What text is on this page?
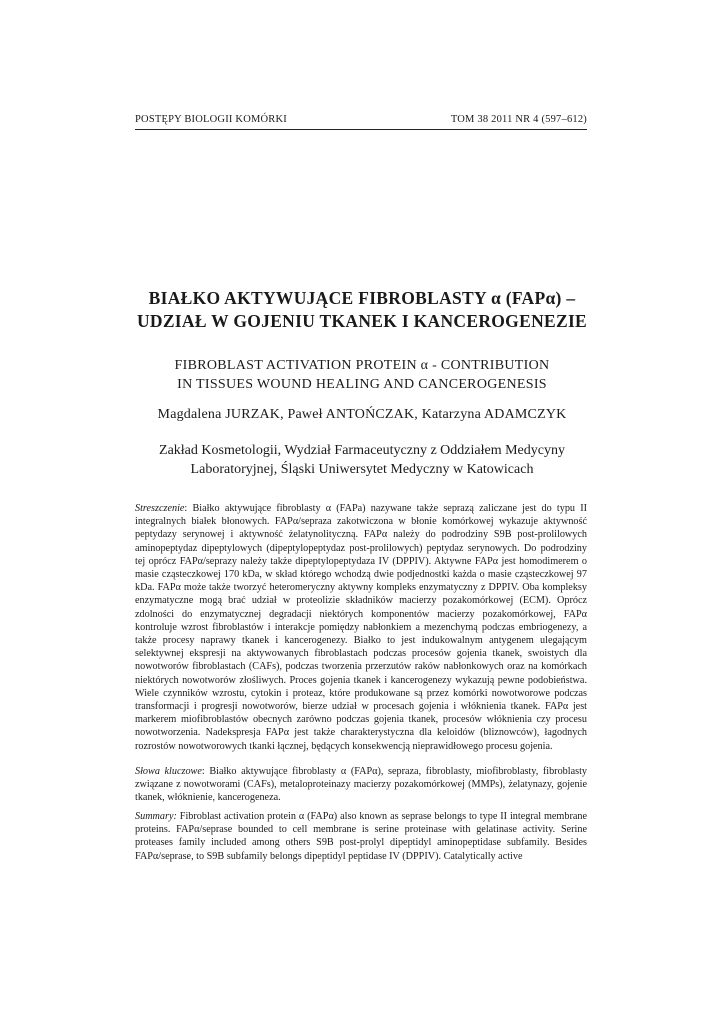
POSTĘPY BIOLOGII KOMÓRKI	TOM 38 2011 NR 4 (597–612)
BIAŁKO AKTYWUJĄCE FIBROBLASTY α (FAPα) –
UDZIAŁ W GOJENIU TKANEK I KANCEROGENEZIE
FIBROBLAST ACTIVATION PROTEIN α - CONTRIBUTION
IN TISSUES WOUND HEALING AND CANCEROGENESIS
Magdalena JURZAK, Paweł ANTOŃCZAK, Katarzyna ADAMCZYK
Zakład Kosmetologii, Wydział Farmaceutyczny z Oddziałem Medycyny
Laboratoryjnej, Śląski Uniwersytet Medyczny w Katowicach

Streszczenie: Białko aktywujące fibroblasty α (FAPa) nazywane także seprazą zaliczane jest do typu II integralnych białek błonowych. FAPα/sepraza zakotwiczona w błonie komórkowej wykazuje aktywność peptydazy serynowej i aktywność żelatynolityczną. FAPα należy do podrodziny S9B post-prolilowych aminopeptydaz dipeptylowych (dipeptylopeptydaz post-prolilowych) peptydaz serynowych. Do podrodziny tej oprócz FAPα/seprazy należy także dipeptylopeptydaza IV (DPPIV). Aktywne FAPα jest homodimerem o masie cząsteczkowej 170 kDa, w skład którego wchodzą dwie podjednostki każda o masie cząsteczkowej 97 kDa. FAPα może także tworzyć heteromeryczny aktywny kompleks enzymatyczny z DPPIV. Oba kompleksy enzymatyczne mogą brać udział w proteolizie składników macierzy pozakomórkowej (ECM). Oprócz zdolności do enzymatycznej degradacji niektórych komponentów macierzy pozakomórkowej, FAPα kontroluje wzrost fibroblastów i interakcje pomiędzy nabłonkiem a mezenchymą podczas embriogenezy, a także procesy naprawy tkanek i kancerogenezy. Białko to jest indukowalnym antygenem ulegającym selektywnej ekspresji na aktywowanych fibroblastach podczas procesów gojenia tkanek, swoistych dla nowotworów fibroblastach (CAFs), podczas tworzenia przerzutów raków nabłonkowych oraz na komórkach niektórych nowotworów złośliwych. Proces gojenia tkanek i kancerogenezy wykazują pewne podobieństwa. Wiele czynników wzrostu, cytokin i proteaz, które produkowane są przez komórki nowotworowe podczas transformacji i progresji nowotworów, bierze udział w procesach gojenia i włóknienia tkanek. FAPα jest markerem miofibroblastów obecnych zarówno podczas gojenia tkanek, procesów włóknienia czy procesu nowotworzenia. Nadekspresja FAPα jest także charakterystyczna dla keloidów (bliznowców), łagodnych rozrostów nowotworowych tkanki łącznej, będących konsekwencją nieprawidłowego procesu gojenia.

Słowa kluczowe: Białko aktywujące fibroblasty α (FAPα), sepraza, fibroblasty, miofibroblasty, fibroblasty związane z nowotworami (CAFs), metaloproteinazy macierzy pozakomórkowej (MMPs), żelatynazy, gojenie tkanek, włóknienie, kancerogeneza.

Summary: Fibroblast activation protein α (FAPα) also known as seprase belongs to type II integral membrane proteins. FAPα/seprase bounded to cell membrane is serine proteinase with gelatinase activity. Serine proteases family included among others S9B post-prolyl dipeptidyl aminopeptidase subfamily. Besides FAPα/seprase, to S9B subfamily belongs dipeptidyl peptidase IV (DPPIV). Catalytically active
